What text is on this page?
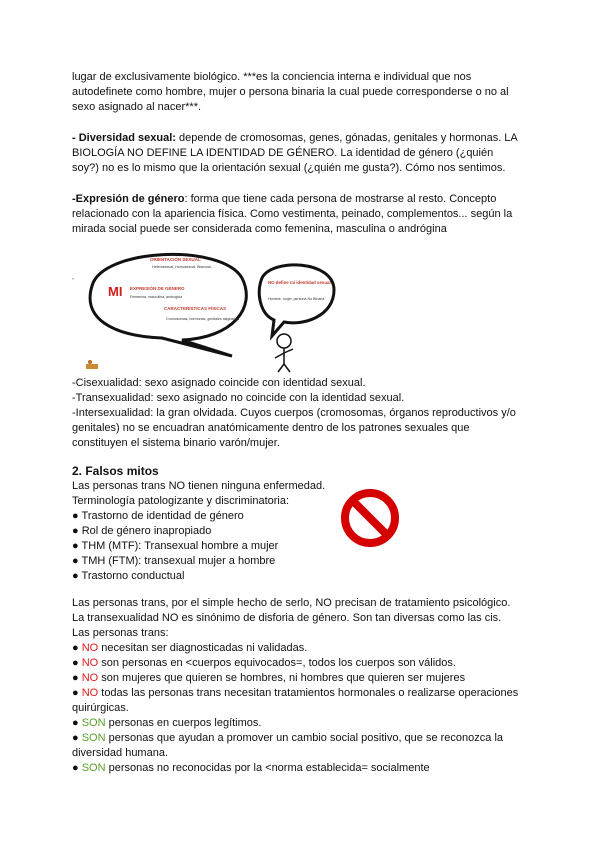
lugar de exclusivamente biológico. ***es la conciencia interna e individual que nos
autodefinete como hombre, mujer o persona binaria la cual puede corresponderse o no al
sexo asignado al nacer***.
- Diversidad sexual: depende de cromosomas, genes, gónadas, genitales y hormonas. LA
BIOLOGÍA NO DEFINE LA IDENTIDAD DE GÉNERO. La identidad de género (¿quién
soy?) no es lo mismo que la orientación sexual (¿quién me gusta?). Cómo nos sentimos.
-Expresión de género: forma que tiene cada persona de mostrarse al resto. Concepto
relacionado con la apariencia física. Como vestimenta, peinado, complementos... según la
mirada social puede ser considerada como femenina, masculina o andrógina
MI
ORIENTACIÓN SEXUAL
Heterosexual, Homosexual, Bisexual...
EXPRESIÓN DE GÉNERO
Femenina, masculina, andrógina
CARACTERÍSTICAS FÍSICAS
Cromosomas, hormonas, genitales asignados
NO define mi identidad sexual
Hombre, mujer, persona No Binaria
˳
-Cisexualidad: sexo asignado coincide con identidad sexual.
-Transexualidad: sexo asignado no coincide con la identidad sexual.
-Intersexualidad: la gran olvidada. Cuyos cuerpos (cromosomas, órganos reproductivos y/o
genitales) no se encuadran anatómicamente dentro de los patrones sexuales que
constituyen el sistema binario varón/mujer.
2. Falsos mitos
Las personas trans NO tienen ninguna enfermedad.
Terminología patologizante y discriminatoria:
● Trastorno de identidad de género
● Rol de género inapropiado
● THM (MTF): Transexual hombre a mujer
● TMH (FTM): transexual mujer a hombre
● Trastorno conductual
Las personas trans, por el simple hecho de serlo, NO precisan de tratamiento psicológico.
La transexualidad NO es sinónimo de disforia de género. Son tan diversas como las cis.
Las personas trans:
● NO necesitan ser diagnosticadas ni validadas.
● NO son personas en <cuerpos equivocados=, todos los cuerpos son válidos.
● NO son mujeres que quieren se hombres, ni hombres que quieren ser mujeres
● NO todas las personas trans necesitan tratamientos hormonales o realizarse operaciones
quirúrgicas.
● SON personas en cuerpos legítimos.
● SON personas que ayudan a promover un cambio social positivo, que se reconozca la
diversidad humana.
● SON personas no reconocidas por la <norma establecida= socialmente
